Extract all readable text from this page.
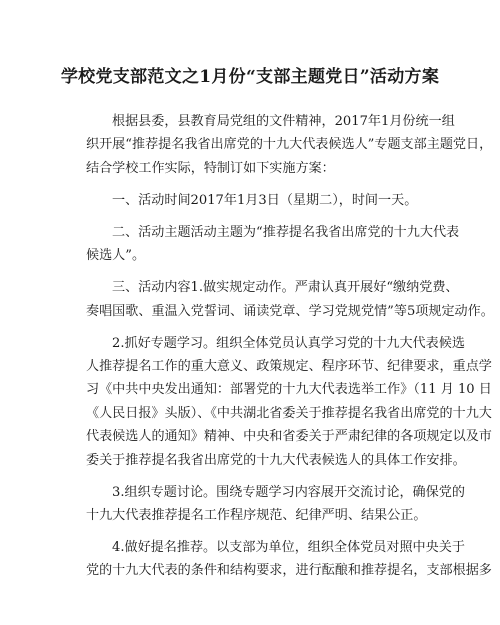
学校党支部范文之1月份“支部主题党日”活动方案
根据县委，县教育局党组的文件精神，2017年1月份统一组
织开展“推荐提名我省出席党的十九大代表候选人”专题支部主题党日，
结合学校工作实际，特制订如下实施方案：
一、活动时间2017年1月3日（星期二），时间一天。
二、活动主题活动主题为“推荐提名我省出席党的十九大代表
候选人”。
三、活动内容1.做实规定动作。严肃认真开展好“缴纳党费、
奏唱国歌、重温入党誓词、诵读党章、学习党规党情”等5项规定动作。
2.抓好专题学习。组织全体党员认真学习党的十九大代表候选
人推荐提名工作的重大意义、政策规定、程序环节、纪律要求，重点学
习《中共中央发出通知：部署党的十九大代表选举工作》（11 月 10 日
《人民日报》头版）、《中共湖北省委关于推荐提名我省出席党的十九大
代表候选人的通知》精神、中央和省委关于严肃纪律的各项规定以及市
委关于推荐提名我省出席党的十九大代表候选人的具体工作安排。
3.组织专题讨论。围绕专题学习内容展开交流讨论，确保党的
十九大代表推荐提名工作程序规范、纪律严明、结果公正。
4.做好提名推荐。以支部为单位，组织全体党员对照中央关于
党的十九大代表的条件和结构要求，进行酝酿和推荐提名，支部根据多
